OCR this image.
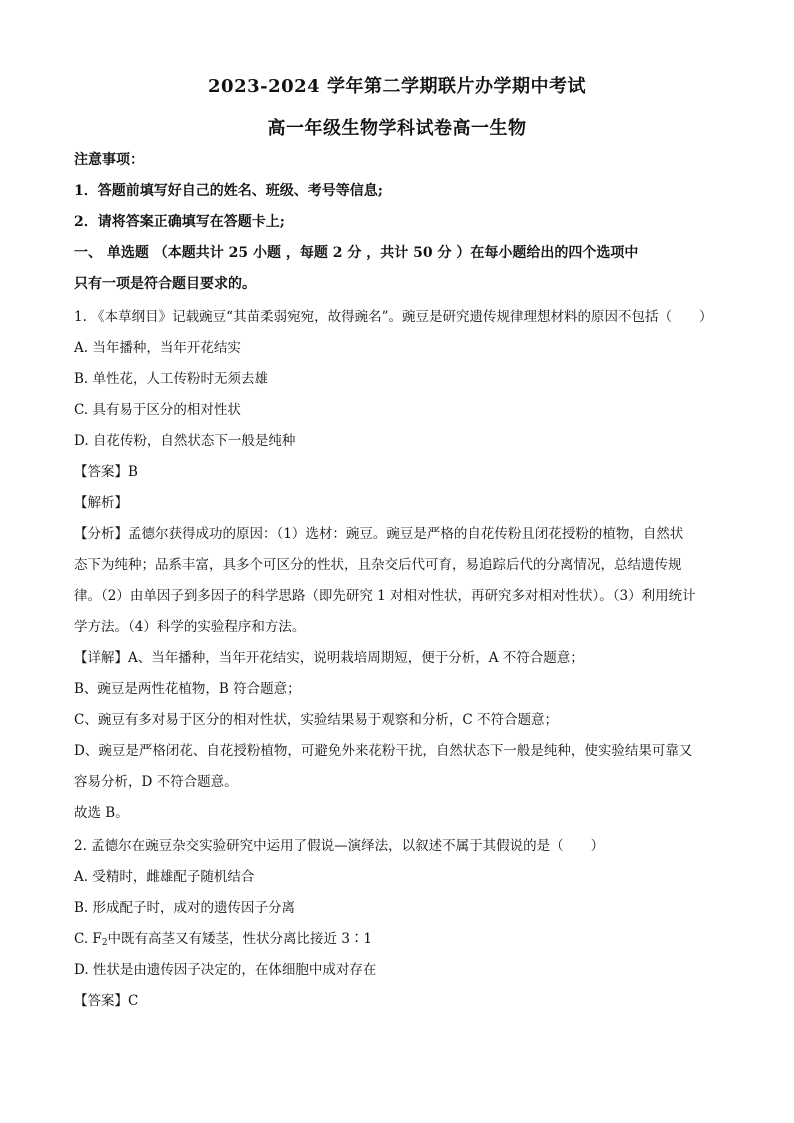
2023-2024 学年第二学期联片办学期中考试
高一年级生物学科试卷高一生物
注意事项：
1．答题前填写好自己的姓名、班级、考号等信息;
2．请将答案正确填写在答题卡上;
一、 单选题 （本题共计 25 小题 ，每题 2 分 ，共计 50 分 ）在每小题给出的四个选项中
只有一项是符合题目要求的。
1. 《本草纲目》记载豌豆“其苗柔弱宛宛，故得豌名”。豌豆是研究遗传规律理想材料的原因不包括（　　）
A. 当年播种，当年开花结实
B. 单性花，人工传粉时无须去雄
C. 具有易于区分的相对性状
D. 自花传粉，自然状态下一般是纯种
【答案】B
【解析】
【分析】孟德尔获得成功的原因：（1）选材：豌豆。豌豆是严格的自花传粉且闭花授粉的植物，自然状
态下为纯种；品系丰富，具多个可区分的性状，且杂交后代可育，易追踪后代的分离情况，总结遗传规
律。（2）由单因子到多因子的科学思路（即先研究 1 对相对性状，再研究多对相对性状）。（3）利用统计
学方法。（4）科学的实验程序和方法。
【详解】A、当年播种，当年开花结实，说明栽培周期短，便于分析，A 不符合题意；
B、豌豆是两性花植物，B 符合题意；
C、豌豆有多对易于区分的相对性状，实验结果易于观察和分析，C 不符合题意；
D、豌豆是严格闭花、自花授粉植物，可避免外来花粉干扰，自然状态下一般是纯种，使实验结果可靠又
容易分析，D 不符合题意。
故选 B。
2. 孟德尔在豌豆杂交实验研究中运用了假说—演绎法，以叙述不属于其假说的是（　　）
A. 受精时，雌雄配子随机结合
B. 形成配子时，成对的遗传因子分离
C. $F_2$中既有高茎又有矮茎，性状分离比接近 3∶1
D. 性状是由遗传因子决定的，在体细胞中成对存在
【答案】C
